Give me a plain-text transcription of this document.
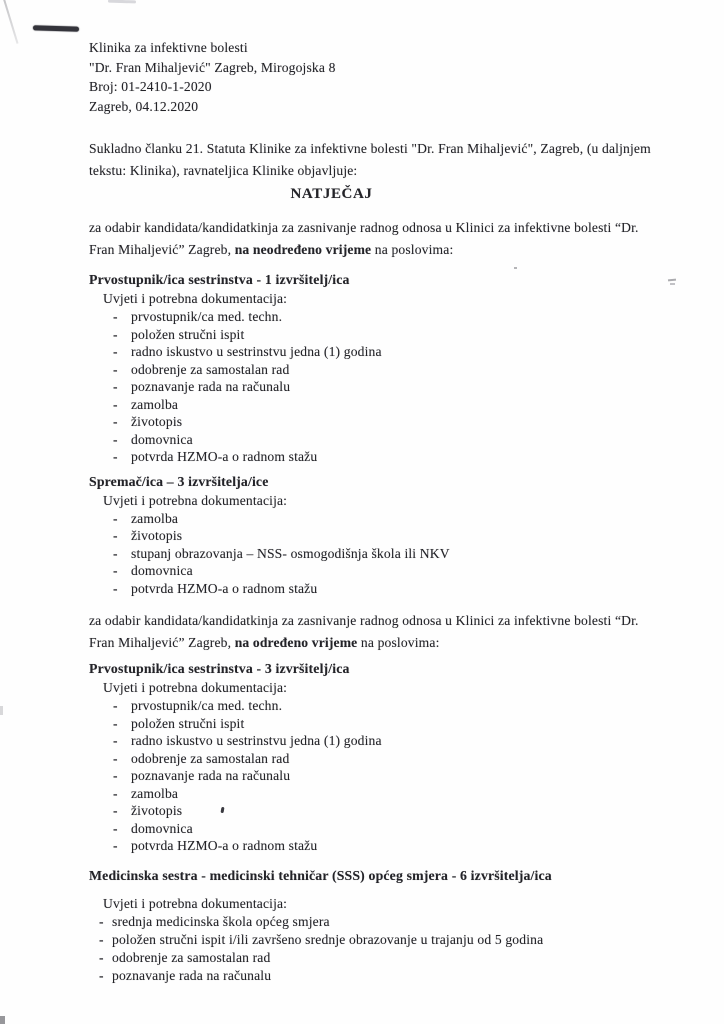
Klinika za infektivne bolesti

"Dr. Fran Mihaljević" Zagreb, Mirogojska 8

Broj: 01-2410-1-2020

Zagreb, 04.12.2020

Sukladno članku 21. Statuta Klinike za infektivne bolesti "Dr. Fran Mihaljević", Zagreb, (u daljnjem tekstu: Klinika), ravnateljica Klinike objavljuje:

NATJEČAJ

za odabir kandidata/kandidatkinja za zasnivanje radnog odnosa u Klinici za infektivne bolesti “Dr. Fran Mihaljević” Zagreb, na neodređeno vrijeme na poslovima:

Prvostupnik/ica sestrinstva - 1 izvršitelj/ica
Uvjeti i potrebna dokumentacija:
- prvostupnik/ca med. techn.
- položen stručni ispit
- radno iskustvo u sestrinstvu jedna (1) godina
- odobrenje za samostalan rad
- poznavanje rada na računalu
- zamolba
- životopis
- domovnica
- potvrda HZMO-a o radnom stažu
Spremač/ica – 3 izvršitelja/ice
Uvjeti i potrebna dokumentacija:
- zamolba
- životopis
- stupanj obrazovanja – NSS- osmogodišnja škola ili NKV
- domovnica
- potvrda HZMO-a o radnom stažu

za odabir kandidata/kandidatkinja za zasnivanje radnog odnosa u Klinici za infektivne bolesti “Dr. Fran Mihaljević” Zagreb, na određeno vrijeme na poslovima:

Prvostupnik/ica sestrinstva - 3 izvršitelj/ica
Uvjeti i potrebna dokumentacija:
- prvostupnik/ca med. techn.
- položen stručni ispit
- radno iskustvo u sestrinstvu jedna (1) godina
- odobrenje za samostalan rad
- poznavanje rada na računalu
- zamolba
- životopis
- domovnica
- potvrda HZMO-a o radnom stažu
Medicinska sestra - medicinski tehničar (SSS) općeg smjera - 6 izvršitelja/ica
Uvjeti i potrebna dokumentacija:
- srednja medicinska škola općeg smjera
- položen stručni ispit i/ili završeno srednje obrazovanje u trajanju od 5 godina
- odobrenje za samostalan rad
- poznavanje rada na računalu
